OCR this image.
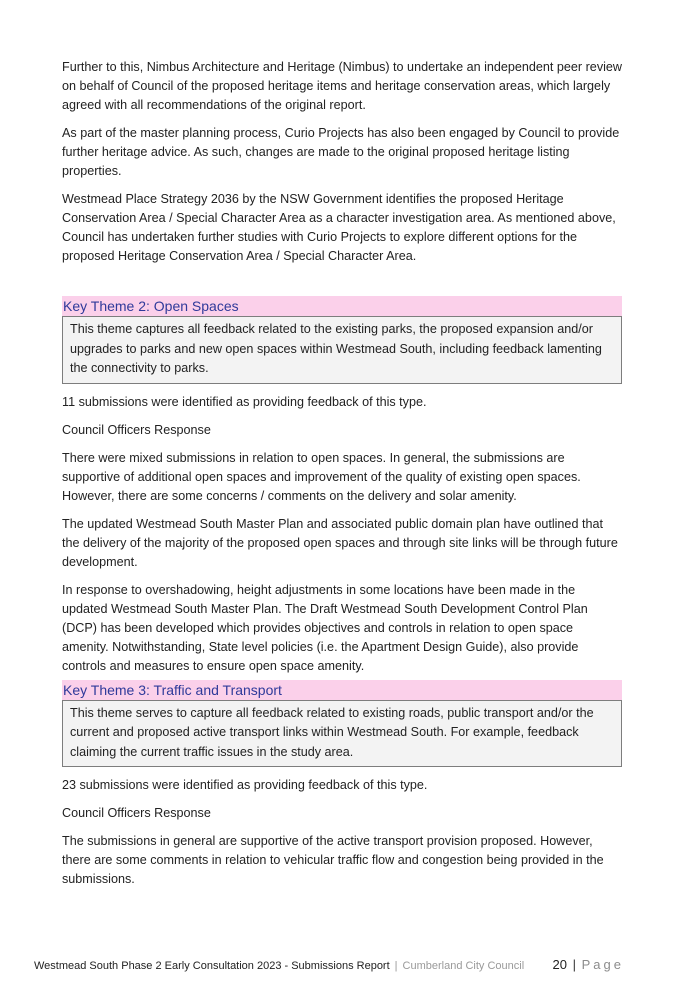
Further to this, Nimbus Architecture and Heritage (Nimbus) to undertake an independent peer review on behalf of Council of the proposed heritage items and heritage conservation areas, which largely agreed with all recommendations of the original report.

As part of the master planning process, Curio Projects has also been engaged by Council to provide further heritage advice. As such, changes are made to the original proposed heritage listing properties.

Westmead Place Strategy 2036 by the NSW Government identifies the proposed Heritage Conservation Area / Special Character Area as a character investigation area. As mentioned above, Council has undertaken further studies with Curio Projects to explore different options for the proposed Heritage Conservation Area / Special Character Area.

Key Theme 2: Open Spaces
This theme captures all feedback related to the existing parks, the proposed expansion and/or upgrades to parks and new open spaces within Westmead South, including feedback lamenting the connectivity to parks.

11 submissions were identified as providing feedback of this type.

Council Officers Response

There were mixed submissions in relation to open spaces. In general, the submissions are supportive of additional open spaces and improvement of the quality of existing open spaces. However, there are some concerns / comments on the delivery and solar amenity.

The updated Westmead South Master Plan and associated public domain plan have outlined that the delivery of the majority of the proposed open spaces and through site links will be through future development.

In response to overshadowing, height adjustments in some locations have been made in the updated Westmead South Master Plan. The Draft Westmead South Development Control Plan (DCP) has been developed which provides objectives and controls in relation to open space amenity. Notwithstanding, State level policies (i.e. the Apartment Design Guide), also provide controls and measures to ensure open space amenity.

Key Theme 3: Traffic and Transport
This theme serves to capture all feedback related to existing roads, public transport and/or the current and proposed active transport links within Westmead South. For example, feedback claiming the current traffic issues in the study area.

23 submissions were identified as providing feedback of this type.

Council Officers Response

The submissions in general are supportive of the active transport provision proposed. However, there are some comments in relation to vehicular traffic flow and congestion being provided in the submissions.

Westmead South Phase 2 Early Consultation 2023 - Submissions Report | Cumberland City Council 20 | Page
